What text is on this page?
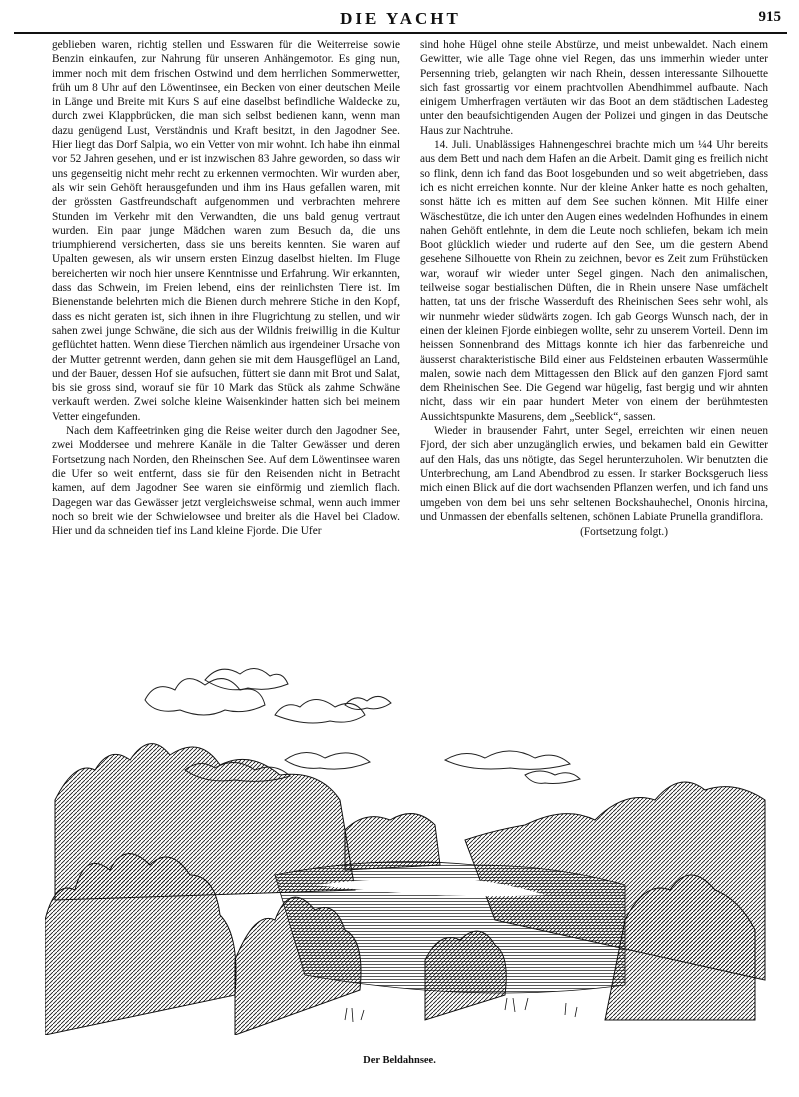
DIE YACHT	915

geblieben waren, richtig stellen und Esswaren für die Weiterreise sowie Benzin einkaufen, zur Nahrung für unseren Anhängemotor. Es ging nun, immer noch mit dem frischen Ostwind und dem herrlichen Sommerwetter, früh um 8 Uhr auf den Löwentinsee, ein Becken von einer deutschen Meile in Länge und Breite mit Kurs S auf eine daselbst befindliche Waldecke zu, durch zwei Klappbrücken, die man sich selbst bedienen kann, wenn man dazu genügend Lust, Verständnis und Kraft besitzt, in den Jagodner See. Hier liegt das Dorf Salpia, wo ein Vetter von mir wohnt. Ich habe ihn einmal vor 52 Jahren gesehen, und er ist inzwischen 83 Jahre geworden, so dass wir uns gegenseitig nicht mehr recht zu erkennen vermochten. Wir wurden aber, als wir sein Gehöft herausgefunden und ihm ins Haus gefallen waren, mit der grössten Gastfreundschaft aufgenommen und verbrachten mehrere Stunden im Verkehr mit den Verwandten, die uns bald genug vertraut wurden. Ein paar junge Mädchen waren zum Besuch da, die uns triumphierend versicherten, dass sie uns bereits kennten. Sie waren auf Upalten gewesen, als wir unsern ersten Einzug daselbst hielten. Im Fluge bereicherten wir noch hier unsere Kenntnisse und Erfahrung. Wir erkannten, dass das Schwein, im Freien lebend, eins der reinlichsten Tiere ist. Im Bienenstande belehrten mich die Bienen durch mehrere Stiche in den Kopf, dass es nicht geraten ist, sich ihnen in ihre Flugrichtung zu stellen, und wir sahen zwei junge Schwäne, die sich aus der Wildnis freiwillig in die Kultur geflüchtet hatten. Wenn diese Tierchen nämlich aus irgendeiner Ursache von der Mutter getrennt werden, dann gehen sie mit dem Hausgeflügel an Land, und der Bauer, dessen Hof sie aufsuchen, füttert sie dann mit Brot und Salat, bis sie gross sind, worauf sie für 10 Mark das Stück als zahme Schwäne verkauft werden. Zwei solche kleine Waisenkinder hatten sich bei meinem Vetter eingefunden.

Nach dem Kaffeetrinken ging die Reise weiter durch den Jagodner See, zwei Moddersee und mehrere Kanäle in die Talter Gewässer und deren Fortsetzung nach Norden, den Rheinschen See. Auf dem Löwentinsee waren die Ufer so weit entfernt, dass sie für den Reisenden nicht in Betracht kamen, auf dem Jagodner See waren sie einförmig und ziemlich flach. Dagegen war das Gewässer jetzt vergleichsweise schmal, wenn auch immer noch so breit wie der Schwielowsee und breiter als die Havel bei Cladow. Hier und da schneiden tief ins Land kleine Fjorde. Die Ufer

sind hohe Hügel ohne steile Abstürze, und meist unbewaldet. Nach einem Gewitter, wie alle Tage ohne viel Regen, das uns immerhin wieder unter Persenning trieb, gelangten wir nach Rhein, dessen interessante Silhouette sich fast grossartig vor einem prachtvollen Abendhimmel aufbaute. Nach einigem Umherfragen vertäuten wir das Boot an dem städtischen Ladesteg unter den beaufsichtigenden Augen der Polizei und gingen in das Deutsche Haus zur Nachtruhe.

14. Juli. Unablässiges Hahnengeschrei brachte mich um ¼4 Uhr bereits aus dem Bett und nach dem Hafen an die Arbeit. Damit ging es freilich nicht so flink, denn ich fand das Boot losgebunden und so weit abgetrieben, dass ich es nicht erreichen konnte. Nur der kleine Anker hatte es noch gehalten, sonst hätte ich es mitten auf dem See suchen können. Mit Hilfe einer Wäschestütze, die ich unter den Augen eines wedelnden Hofhundes in einem nahen Gehöft entlehnte, in dem die Leute noch schliefen, bekam ich mein Boot glücklich wieder und ruderte auf den See, um die gestern Abend gesehene Silhouette von Rhein zu zeichnen, bevor es Zeit zum Frühstücken war, worauf wir wieder unter Segel gingen. Nach den animalischen, teilweise sogar bestialischen Düften, die in Rhein unsere Nase umfächelt hatten, tat uns der frische Wasserduft des Rheinischen Sees sehr wohl, als wir nunmehr wieder südwärts zogen. Ich gab Georgs Wunsch nach, der in einen der kleinen Fjorde einbiegen wollte, sehr zu unserem Vorteil. Denn im heissen Sonnenbrand des Mittags konnte ich hier das farbenreiche und äusserst charakteristische Bild einer aus Feldsteinen erbauten Wassermühle malen, sowie nach dem Mittagessen den Blick auf den ganzen Fjord samt dem Rheinischen See. Die Gegend war hügelig, fast bergig und wir ahnten nicht, dass wir ein paar hundert Meter von einem der berühmtesten Aussichtspunkte Masurens, dem „Seeblick“, sassen.

Wieder in brausender Fahrt, unter Segel, erreichten wir einen neuen Fjord, der sich aber unzugänglich erwies, und bekamen bald ein Gewitter auf den Hals, das uns nötigte, das Segel herunterzuholen. Wir benutzten die Unterbrechung, am Land Abendbrod zu essen. Ir starker Bocksgeruch liess mich einen Blick auf die dort wachsenden Pflanzen werfen, und ich fand uns umgeben von dem bei uns sehr seltenen Bockshauhechel, Ononis hircina, und Unmassen der ebenfalls seltenen, schönen Labiate Prunella grandiflora.

(Fortsetzung folgt.)

Der Beldahnsee.
